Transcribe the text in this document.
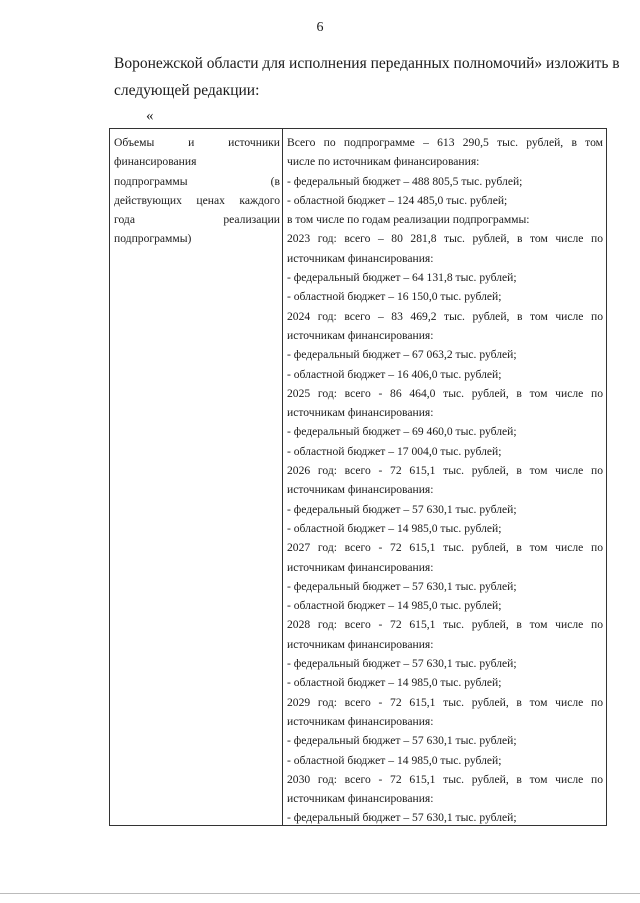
6
Воронежской области для исполнения переданных полномочий» изложить в
следующей редакции:
«
Объемы и источники
финансирования
подпрограммы (в
действующих ценах каждого
года реализации
подпрограммы)
Всего по подпрограмме – 613 290,5 тыс. рублей, в том
числе по источникам финансирования:
- федеральный бюджет – 488 805,5 тыс. рублей;
- областной бюджет – 124 485,0 тыс. рублей;
в том числе по годам реализации подпрограммы:
2023 год: всего – 80 281,8 тыс. рублей, в том числе по
источникам финансирования:
- федеральный бюджет – 64 131,8 тыс. рублей;
- областной бюджет – 16 150,0 тыс. рублей;
2024 год: всего – 83 469,2 тыс. рублей, в том числе по
источникам финансирования:
- федеральный бюджет – 67 063,2 тыс. рублей;
- областной бюджет – 16 406,0 тыс. рублей;
2025 год: всего - 86 464,0 тыс. рублей, в том числе по
источникам финансирования:
- федеральный бюджет – 69 460,0 тыс. рублей;
- областной бюджет – 17 004,0 тыс. рублей;
2026 год: всего - 72 615,1 тыс. рублей, в том числе по
источникам финансирования:
- федеральный бюджет – 57 630,1 тыс. рублей;
- областной бюджет – 14 985,0 тыс. рублей;
2027 год: всего - 72 615,1 тыс. рублей, в том числе по
источникам финансирования:
- федеральный бюджет – 57 630,1 тыс. рублей;
- областной бюджет – 14 985,0 тыс. рублей;
2028 год: всего - 72 615,1 тыс. рублей, в том числе по
источникам финансирования:
- федеральный бюджет – 57 630,1 тыс. рублей;
- областной бюджет – 14 985,0 тыс. рублей;
2029 год: всего - 72 615,1 тыс. рублей, в том числе по
источникам финансирования:
- федеральный бюджет – 57 630,1 тыс. рублей;
- областной бюджет – 14 985,0 тыс. рублей;
2030 год: всего - 72 615,1 тыс. рублей, в том числе по
источникам финансирования:
- федеральный бюджет – 57 630,1 тыс. рублей;
